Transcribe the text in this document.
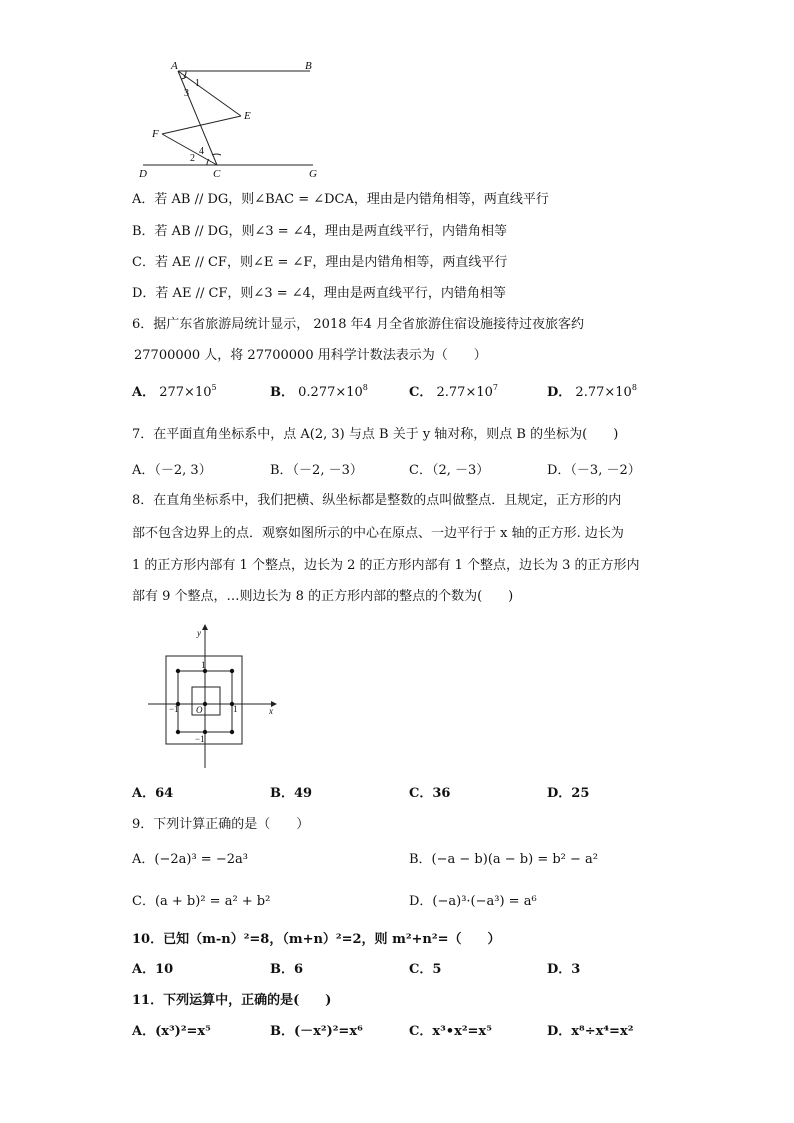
A	B
E
F
D	C	G
1
3
2
4
A．若 AB // DG，则∠BAC = ∠DCA，理由是内错角相等，两直线平行
B．若 AB // DG，则∠3 = ∠4，理由是两直线平行，内错角相等
C．若 AE // CF，则∠E = ∠F，理由是内错角相等，两直线平行
D．若 AE // CF，则∠3 = ∠4，理由是两直线平行，内错角相等
6．据广东省旅游局统计显示， 2018 年4 月全省旅游住宿设施接待过夜旅客约
27700000 人，将 27700000 用科学计数法表示为（　　）
A． $277\times 10^5$	B． $0.277\times 10^8$	C． $2.77\times 10^7$	D． $2.77\times 10^8$
7．在平面直角坐标系中，点 A(2, 3) 与点 B 关于 y 轴对称，则点 B 的坐标为(　　)
A．（－2, 3）	B．（－2, －3）	C．（2, －3）	D．（－3, －2）
8．在直角坐标系中，我们把横、纵坐标都是整数的点叫做整点．且规定，正方形的内
部不包含边界上的点．观察如图所示的中心在原点、一边平行于 x 轴的正方形. 边长为
1 的正方形内部有 1 个整点，边长为 2 的正方形内部有 1 个整点，边长为 3 的正方形内
部有 9 个整点，…则边长为 8 的正方形内部的整点的个数为(　　)
y
x
O
1
1
−1
−1
A．64	B．49	C．36	D．25
9．下列计算正确的是（　　）
A．(−2a)³ = −2a³	B．(−a − b)(a − b) = b² − a²
C．(a + b)² = a² + b²	D．(−a)³·(−a³) = a⁶
10．已知（m-n）²=8，（m+n）²=2，则 m²+n²=（　　）
A．10	B．6	C．5	D．3
11．下列运算中，正确的是(　　)
A．(x³)²=x⁵	B．(－x²)²=x⁶	C．x³•x²=x⁵	D．x⁸÷x⁴=x²
